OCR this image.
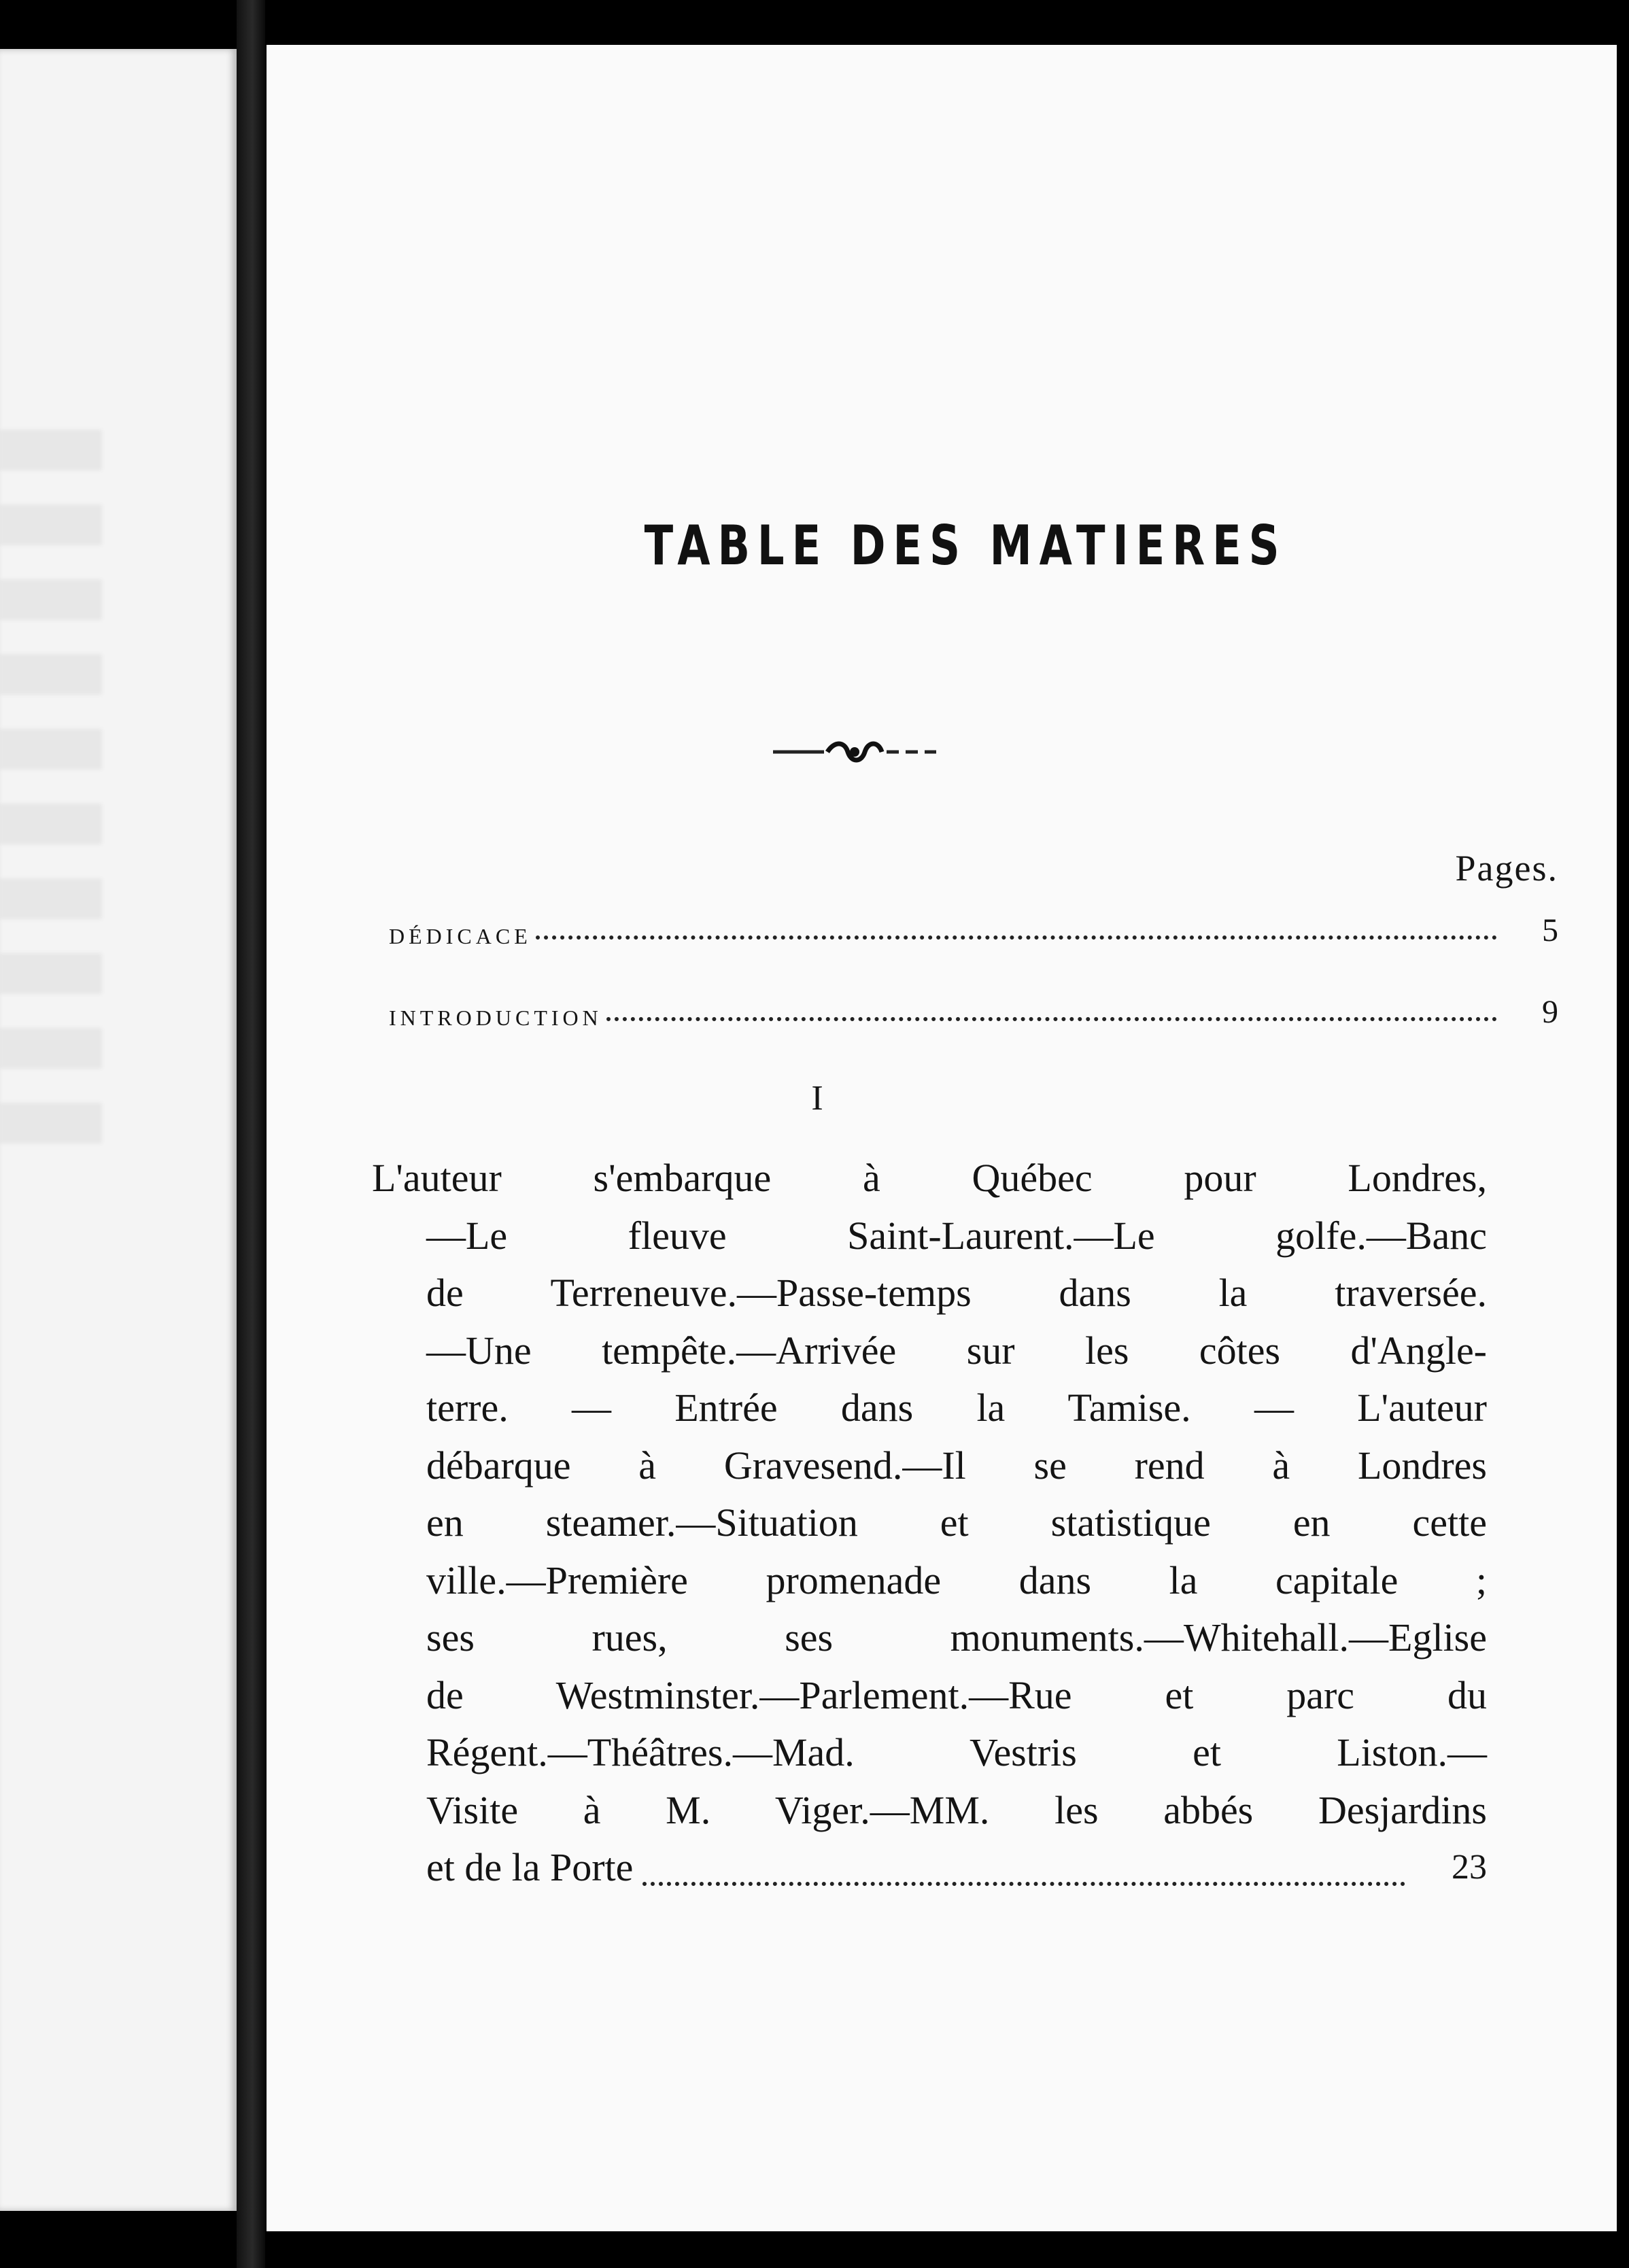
TABLE DES MATIERES
Pages.
DÉDICACE	5
INTRODUCTION	9
I
L'auteur s'embarque à Québec pour Londres,
—Le fleuve Saint-Laurent.—Le golfe.—Banc
de Terreneuve.—Passe-temps dans la traversée.
—Une tempête.—Arrivée sur les côtes d'Angle-
terre. — Entrée dans la Tamise. — L'auteur
débarque à Gravesend.—Il se rend à Londres
en steamer.—Situation et statistique en cette
ville.—Première promenade dans la capitale ;
ses rues, ses monuments.—Whitehall.—Eglise
de Westminster.—Parlement.—Rue et parc du
Régent.—Théâtres.—Mad. Vestris et Liston.—
Visite à M. Viger.—MM. les abbés Desjardins
et de la Porte	23
